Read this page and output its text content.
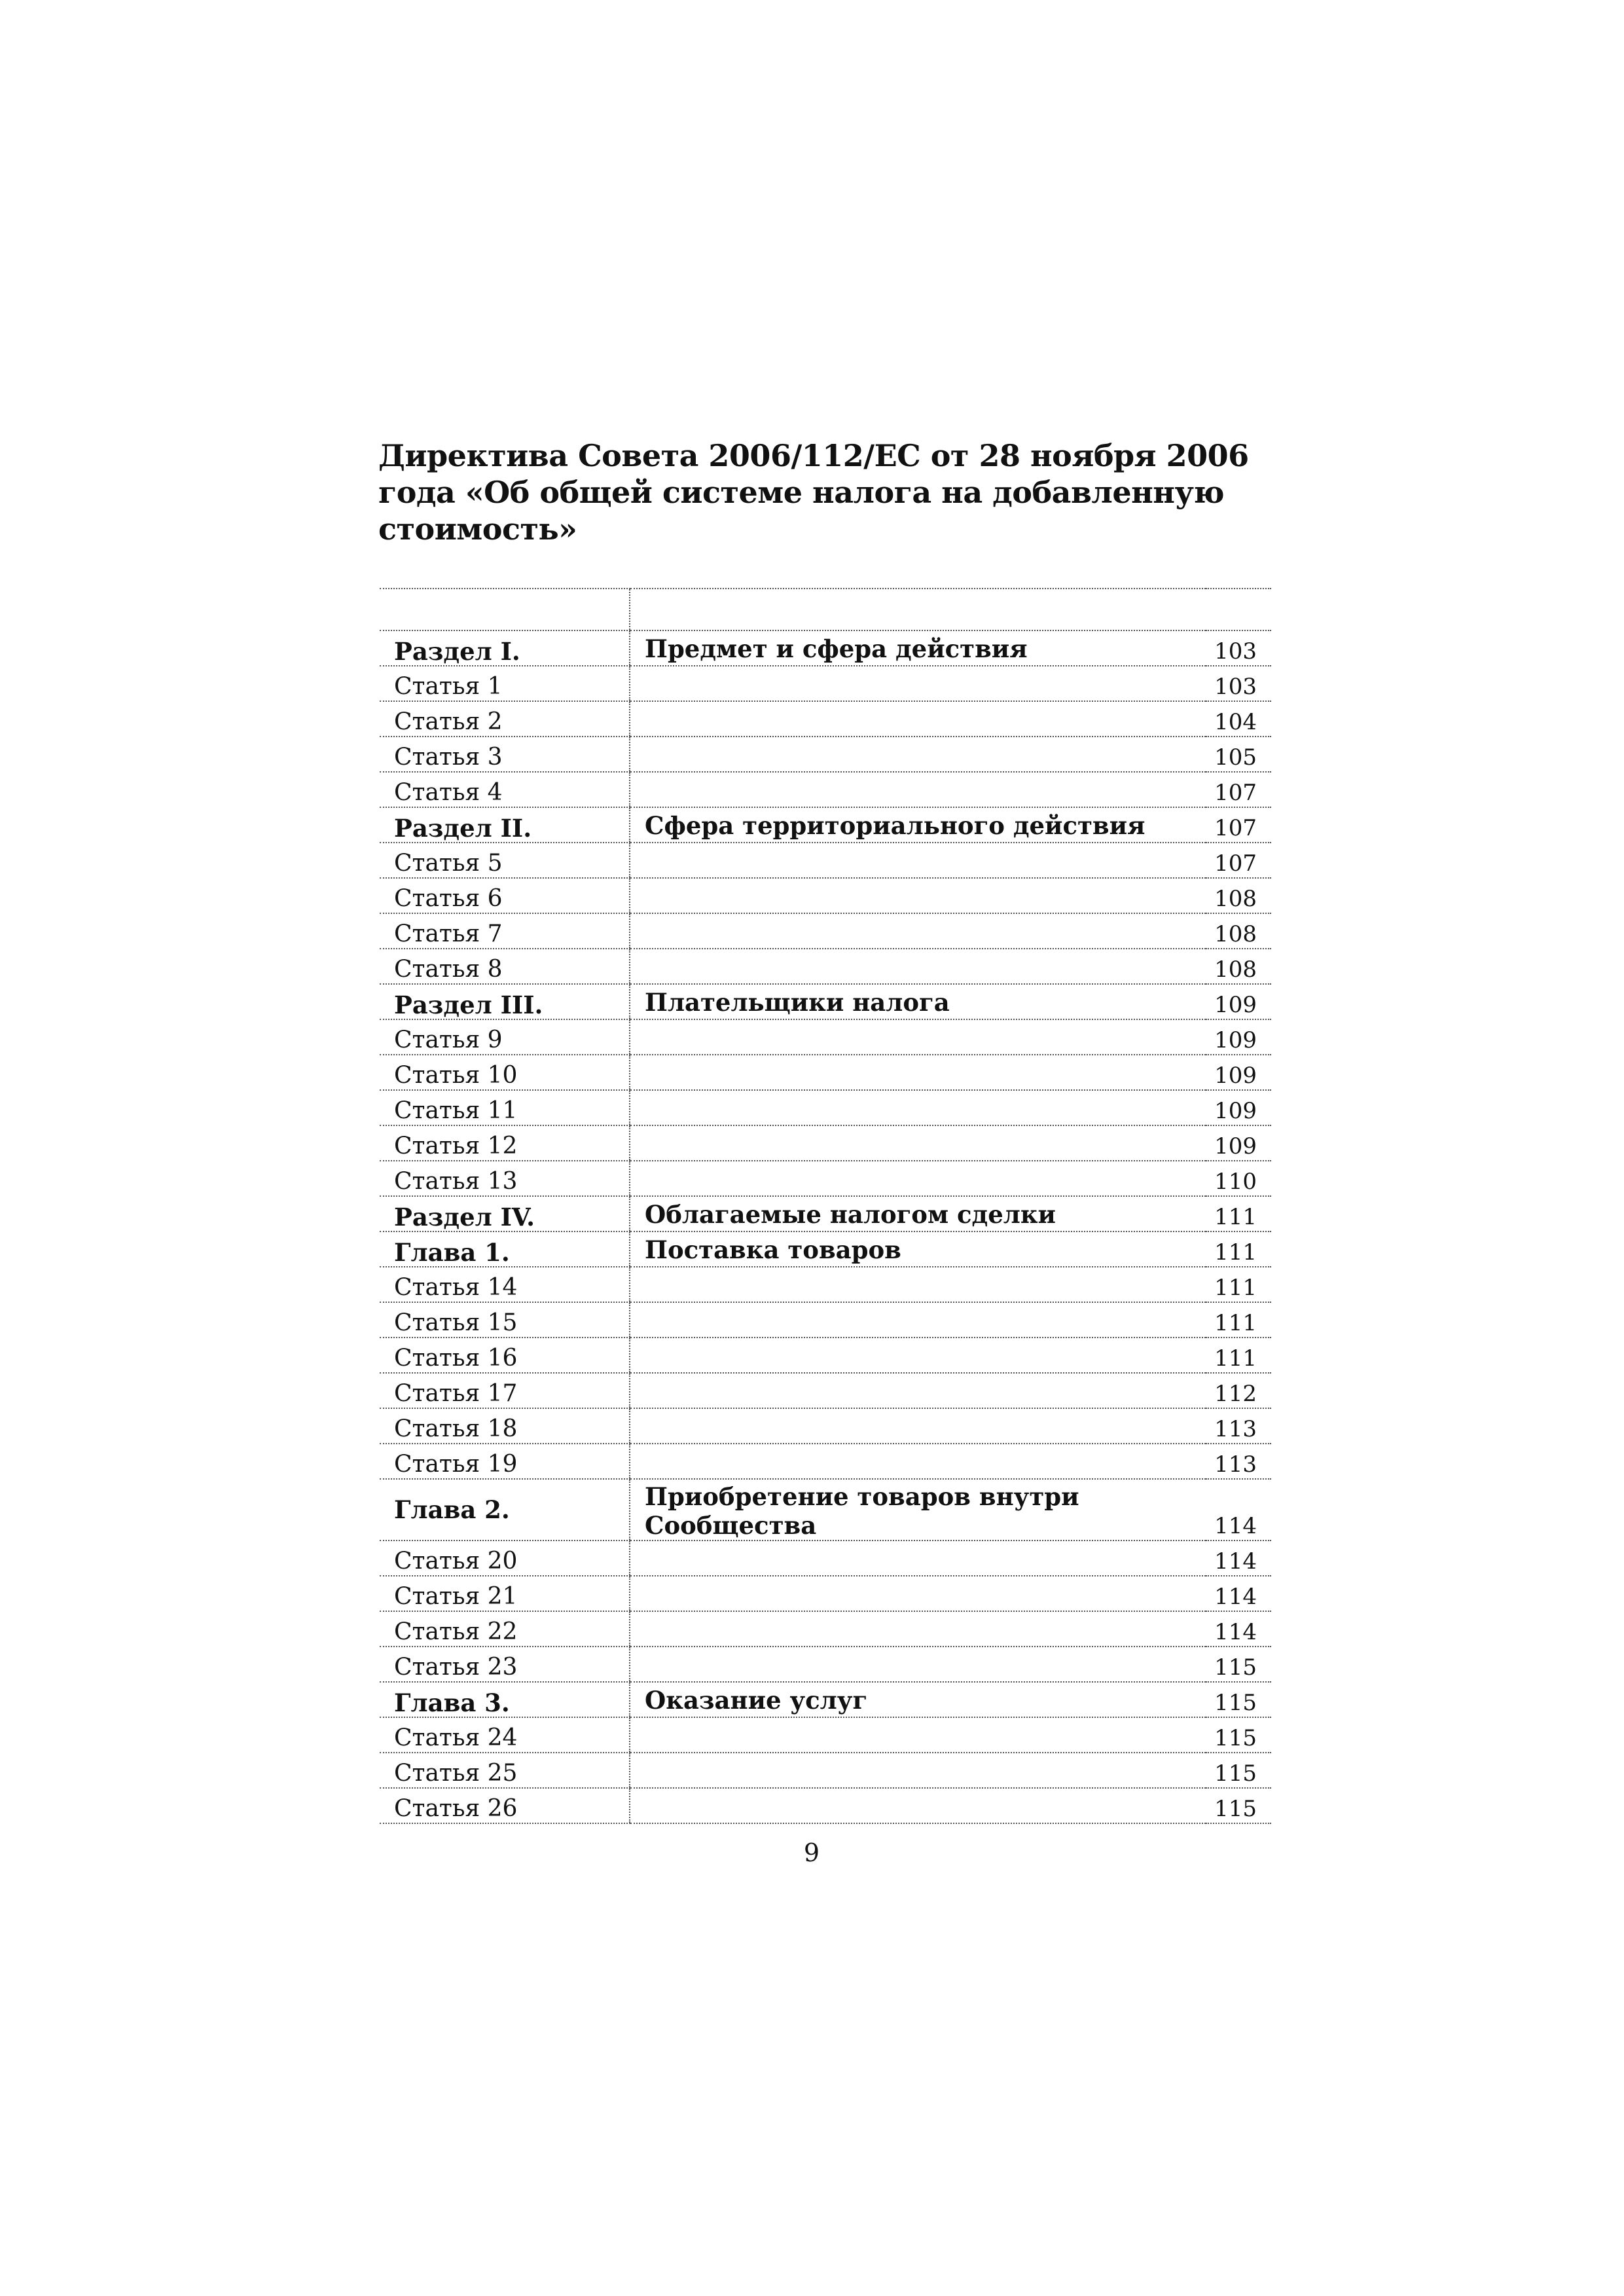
Директива Совета 2006/112/ЕС от 28 ноября 2006 года «Об общей системе налога на добавленную стоимость»

Раздел I.	Предмет и сфера действия	103
Статья 1		103
Статья 2		104
Статья 3		105
Статья 4		107
Раздел II.	Сфера территориального действия	107
Статья 5		107
Статья 6		108
Статья 7		108
Статья 8		108
Раздел III.	Плательщики налога	109
Статья 9		109
Статья 10		109
Статья 11		109
Статья 12		109
Статья 13		110
Раздел IV.	Облагаемые налогом сделки	111
Глава 1.	Поставка товаров	111
Статья 14		111
Статья 15		111
Статья 16		111
Статья 17		112
Статья 18		113
Статья 19		113
Глава 2.	Приобретение товаров внутри Сообщества	114
Статья 20		114
Статья 21		114
Статья 22		114
Статья 23		115
Глава 3.	Оказание услуг	115
Статья 24		115
Статья 25		115
Статья 26		115
9
